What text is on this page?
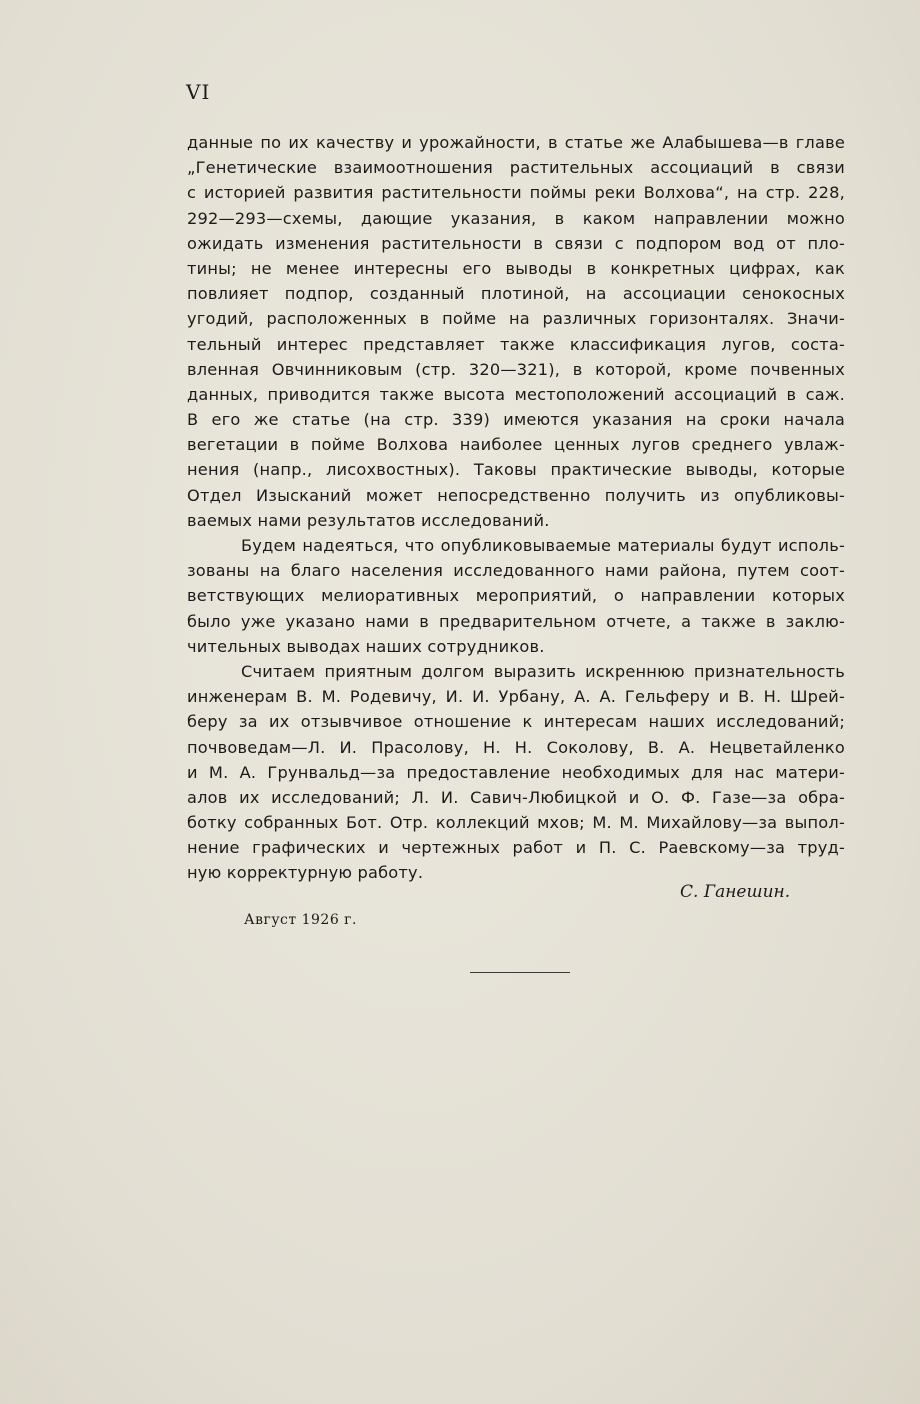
VI
данные по их качеству и урожайности, в статье же Алабышева—в главе
„Генетические взаимоотношения растительных ассоциаций в связи
с историей развития растительности поймы реки Волхова“, на стр. 228,
292—293—схемы, дающие указания, в каком направлении можно
ожидать изменения растительности в связи с подпором вод от пло-
тины; не менее интересны его выводы в конкретных цифрах, как
повлияет подпор, созданный плотиной, на ассоциации сенокосных
угодий, расположенных в пойме на различных горизонталях. Значи-
тельный интерес представляет также классификация лугов, соста-
вленная Овчинниковым (стр. 320—321), в которой, кроме почвенных
данных, приводится также высота местоположений ассоциаций в саж.
В его же статье (на стр. 339) имеются указания на сроки начала
вегетации в пойме Волхова наиболее ценных лугов среднего увлаж-
нения (напр., лисохвостных). Таковы практические выводы, которые
Отдел Изысканий может непосредственно получить из опубликовы-
ваемых нами результатов исследований.
Будем надеяться, что опубликовываемые материалы будут исполь-
зованы на благо населения исследованного нами района, путем соот-
ветствующих мелиоративных мероприятий, о направлении которых
было уже указано нами в предварительном отчете, а также в заклю-
чительных выводах наших сотрудников.
Считаем приятным долгом выразить искреннюю признательность
инженерам В. М. Родевичу, И. И. Урбану, А. А. Гельферу и В. Н. Шрей-
беру за их отзывчивое отношение к интересам наших исследований;
почвоведам—Л. И. Прасолову, Н. Н. Соколову, В. А. Нецветайленко
и М. А. Грунвальд—за предоставление необходимых для нас матери-
алов их исследований; Л. И. Савич-Любицкой и О. Ф. Газе—за обра-
ботку собранных Бот. Отр. коллекций мхов; М. М. Михайлову—за выпол-
нение графических и чертежных работ и П. С. Раевскому—за труд-
ную корректурную работу.
С. Ганешин.
Август 1926 г.
